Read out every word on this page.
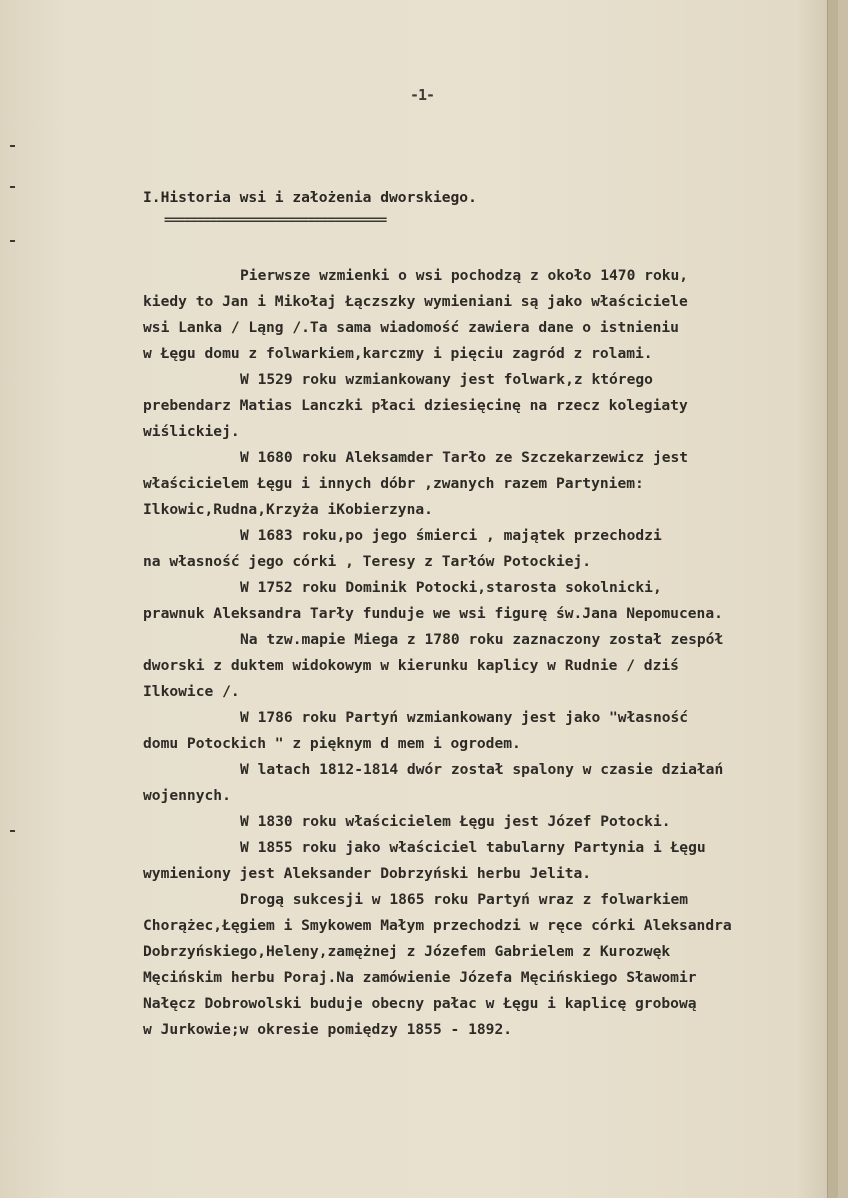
-1-
I.Historia wsi i założenia dworskiego.
==================================
Pierwsze wzmienki o wsi pochodzą z około 1470 roku,
kiedy to Jan i Mikołaj Łączszky wymieniani są jako właściciele
wsi Lanka / Ląng /.Ta sama wiadomość zawiera dane o istnieniu
w Łęgu domu z folwarkiem,karczmy i pięciu zagród z rolami.
W 1529 roku wzmiankowany jest folwark,z którego
prebendarz Matias Lanczki płaci dziesięcinę na rzecz kolegiaty
wiślickiej.
W 1680 roku Aleksamder Tarło ze Szczekarzewicz jest
właścicielem Łęgu i innych dóbr ,zwanych razem Partyniem:
Ilkowic,Rudna,Krzyża iKobierzyna.
W 1683 roku,po jego śmierci , majątek przechodzi
na własność jego córki , Teresy z Tarłów Potockiej.
W 1752 roku Dominik Potocki,starosta sokolnicki,
prawnuk Aleksandra Tarły funduje we wsi figurę św.Jana Nepomucena.
Na tzw.mapie Miega z 1780 roku zaznaczony został zespół
dworski z duktem widokowym w kierunku kaplicy w Rudnie / dziś
Ilkowice /.
W 1786 roku Partyń wzmiankowany jest jako "własność
domu Potockich " z pięknym d mem i ogrodem.
W latach 1812-1814 dwór został spalony w czasie działań
wojennych.
W 1830 roku właścicielem Łęgu jest Józef Potocki.
W 1855 roku jako właściciel tabularny Partynia i Łęgu
wymieniony jest Aleksander Dobrzyński herbu Jelita.
Drogą sukcesji w 1865 roku Partyń wraz z folwarkiem
Chorążec,Łęgiem i Smykowem Małym przechodzi w ręce córki Aleksandra
Dobrzyńskiego,Heleny,zamężnej z Józefem Gabrielem z Kurozwęk
Męcińskim herbu Poraj.Na zamówienie Józefa Męcińskiego Sławomir
Nałęcz Dobrowolski buduje obecny pałac w Łęgu i kaplicę grobową
w Jurkowie;w okresie pomiędzy 1855 - 1892.
